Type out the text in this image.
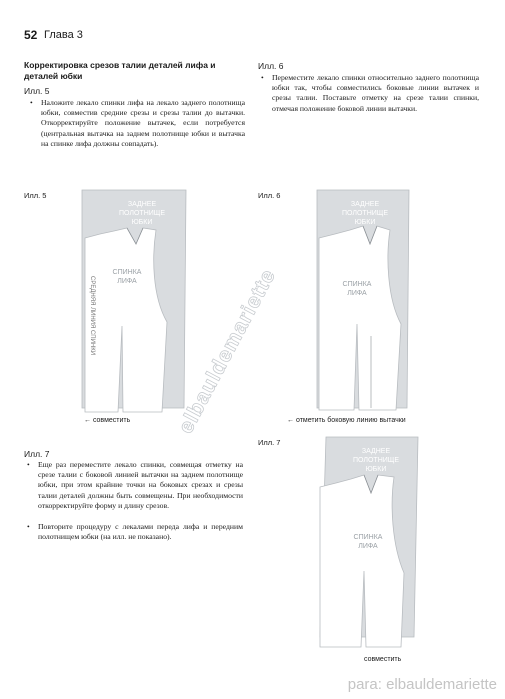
52 Глава 3
Корректировка срезов талии деталей лифа и деталей юбки
Илл. 5
• Наложите лекало спинки лифа на лекало заднего полотнища юбки, совместив средние срезы и срезы талии до вытачки. Откорректируйте положение вытачек, если потребуется (центральная вытачка на заднем полотнище юбки и вытачка на спинке лифа должны совпадать).
Илл. 6
• Переместите лекало спинки относительно заднего полотнища юбки так, чтобы совместились боковые линии вытачек и срезы талии. Поставьте отметку на срезе талии спинки, отмечая положение боковой линии вытачки.
Илл. 7
• Еще раз переместите лекало спинки, совмещая отметку на срезе талии с боковой линией вытачки на заднем полотнище юбки, при этом крайние точки на боковых срезах и срезы талии деталей должны быть совмещены. При необходимости откорректируйте форму и длину срезов.
• Повторите процедуру с лекалами переда лифа и передним полотнищем юбки (на илл. не показано).
Илл. 5	Илл. 6
Илл. 7
ЗАДНЕЕ
ПОЛОТНИЩЕ
ЮБКИ
СПИНКА
ЛИФА
СРЕДНЯЯ ЛИНИЯ СПИНКИ
← совместить
ЗАДНЕЕ
ПОЛОТНИЩЕ
ЮБКИ
СПИНКА
ЛИФА
← отметить боковую линию вытачки
ЗАДНЕЕ
ПОЛОТНИЩЕ
ЮБКИ
СПИНКА
ЛИФА
совместить
elbauldemariette
para: elbauldemariette
